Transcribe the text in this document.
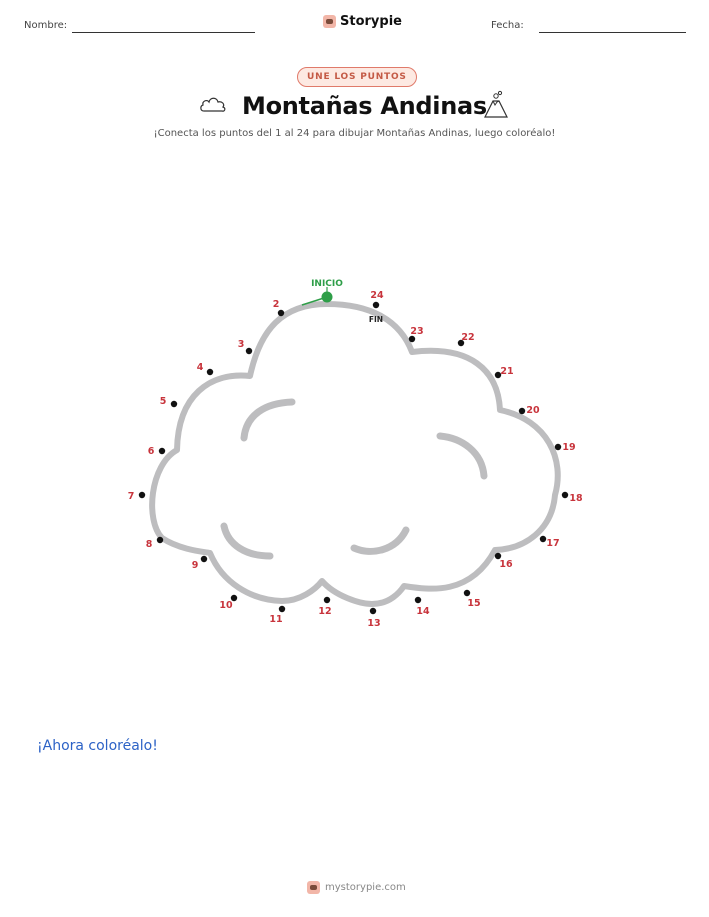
Nombre:	Storypie	Fecha:
UNE LOS PUNTOS
Montañas Andinas
¡Conecta los puntos del 1 al 24 para dibujar Montañas Andinas, luego coloréalo!
INICIO
FIN
2
3
4
5
6
7
8
9
10
11
12
13
14
15
16
17
18
19
20
21
22
23
24
¡Ahora coloréalo!
mystorypie.com
